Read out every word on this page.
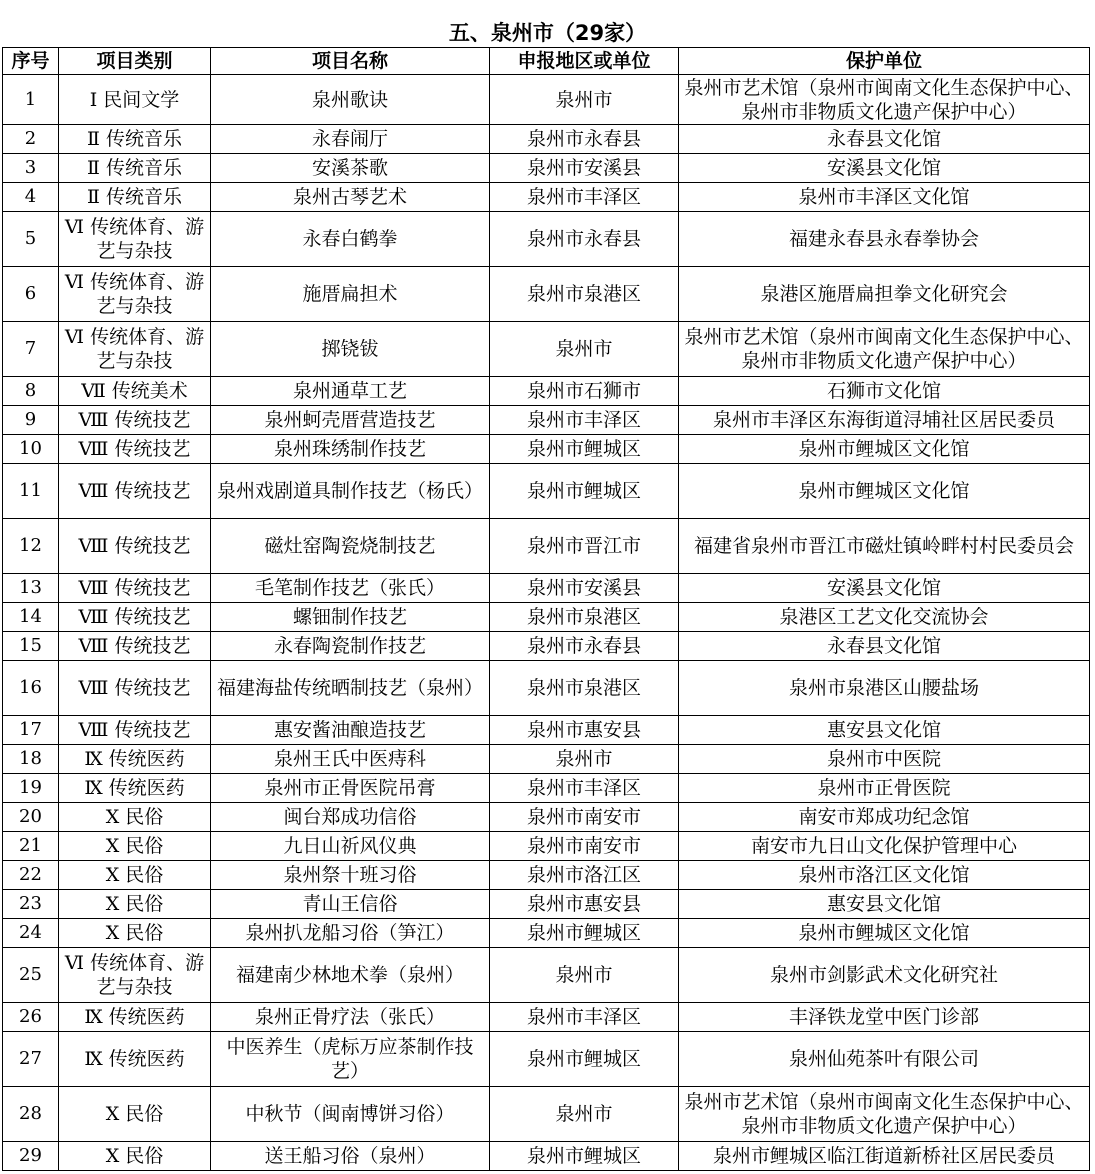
五、泉州市（29家）
序号	项目类别	项目名称	申报地区或单位	保护单位

1	Ⅰ 民间文学	泉州歌诀	泉州市	泉州市艺术馆（泉州市闽南文化生态保护中心、泉州市非物质文化遗产保护中心）

2	Ⅱ 传统音乐	永春闹厅	泉州市永春县	永春县文化馆

3	Ⅱ 传统音乐	安溪茶歌	泉州市安溪县	安溪县文化馆

4	Ⅱ 传统音乐	泉州古琴艺术	泉州市丰泽区	泉州市丰泽区文化馆

5	Ⅵ 传统体育、游艺与杂技	永春白鹤拳	泉州市永春县	福建永春县永春拳协会

6	Ⅵ 传统体育、游艺与杂技	施厝扁担术	泉州市泉港区	泉港区施厝扁担拳文化研究会

7	Ⅵ 传统体育、游艺与杂技	掷铙钹	泉州市	泉州市艺术馆（泉州市闽南文化生态保护中心、泉州市非物质文化遗产保护中心）

8	Ⅶ 传统美术	泉州通草工艺	泉州市石狮市	石狮市文化馆

9	Ⅷ 传统技艺	泉州蚵壳厝营造技艺	泉州市丰泽区	泉州市丰泽区东海街道浔埔社区居民委员

10	Ⅷ 传统技艺	泉州珠绣制作技艺	泉州市鲤城区	泉州市鲤城区文化馆

11	Ⅷ 传统技艺	泉州戏剧道具制作技艺（杨氏）	泉州市鲤城区	泉州市鲤城区文化馆

12	Ⅷ 传统技艺	磁灶窑陶瓷烧制技艺	泉州市晋江市	福建省泉州市晋江市磁灶镇岭畔村村民委员会

13	Ⅷ 传统技艺	毛笔制作技艺（张氏）	泉州市安溪县	安溪县文化馆

14	Ⅷ 传统技艺	螺钿制作技艺	泉州市泉港区	泉港区工艺文化交流协会

15	Ⅷ 传统技艺	永春陶瓷制作技艺	泉州市永春县	永春县文化馆

16	Ⅷ 传统技艺	福建海盐传统晒制技艺（泉州）	泉州市泉港区	泉州市泉港区山腰盐场

17	Ⅷ 传统技艺	惠安酱油酿造技艺	泉州市惠安县	惠安县文化馆

18	Ⅸ 传统医药	泉州王氏中医痔科	泉州市	泉州市中医院

19	Ⅸ 传统医药	泉州市正骨医院吊膏	泉州市丰泽区	泉州市正骨医院

20	Ⅹ 民俗	闽台郑成功信俗	泉州市南安市	南安市郑成功纪念馆

21	Ⅹ 民俗	九日山祈风仪典	泉州市南安市	南安市九日山文化保护管理中心

22	Ⅹ 民俗	泉州祭十班习俗	泉州市洛江区	泉州市洛江区文化馆

23	Ⅹ 民俗	青山王信俗	泉州市惠安县	惠安县文化馆

24	Ⅹ 民俗	泉州扒龙船习俗（笋江）	泉州市鲤城区	泉州市鲤城区文化馆

25	Ⅵ 传统体育、游艺与杂技	福建南少林地术拳（泉州）	泉州市	泉州市剑影武术文化研究社

26	Ⅸ 传统医药	泉州正骨疗法（张氏）	泉州市丰泽区	丰泽铁龙堂中医门诊部

27	Ⅸ 传统医药	中医养生（虎标万应茶制作技艺）	泉州市鲤城区	泉州仙苑茶叶有限公司

28	Ⅹ 民俗	中秋节（闽南博饼习俗）	泉州市	泉州市艺术馆（泉州市闽南文化生态保护中心、泉州市非物质文化遗产保护中心）

29	Ⅹ 民俗	送王船习俗（泉州）	泉州市鲤城区	泉州市鲤城区临江街道新桥社区居民委员
